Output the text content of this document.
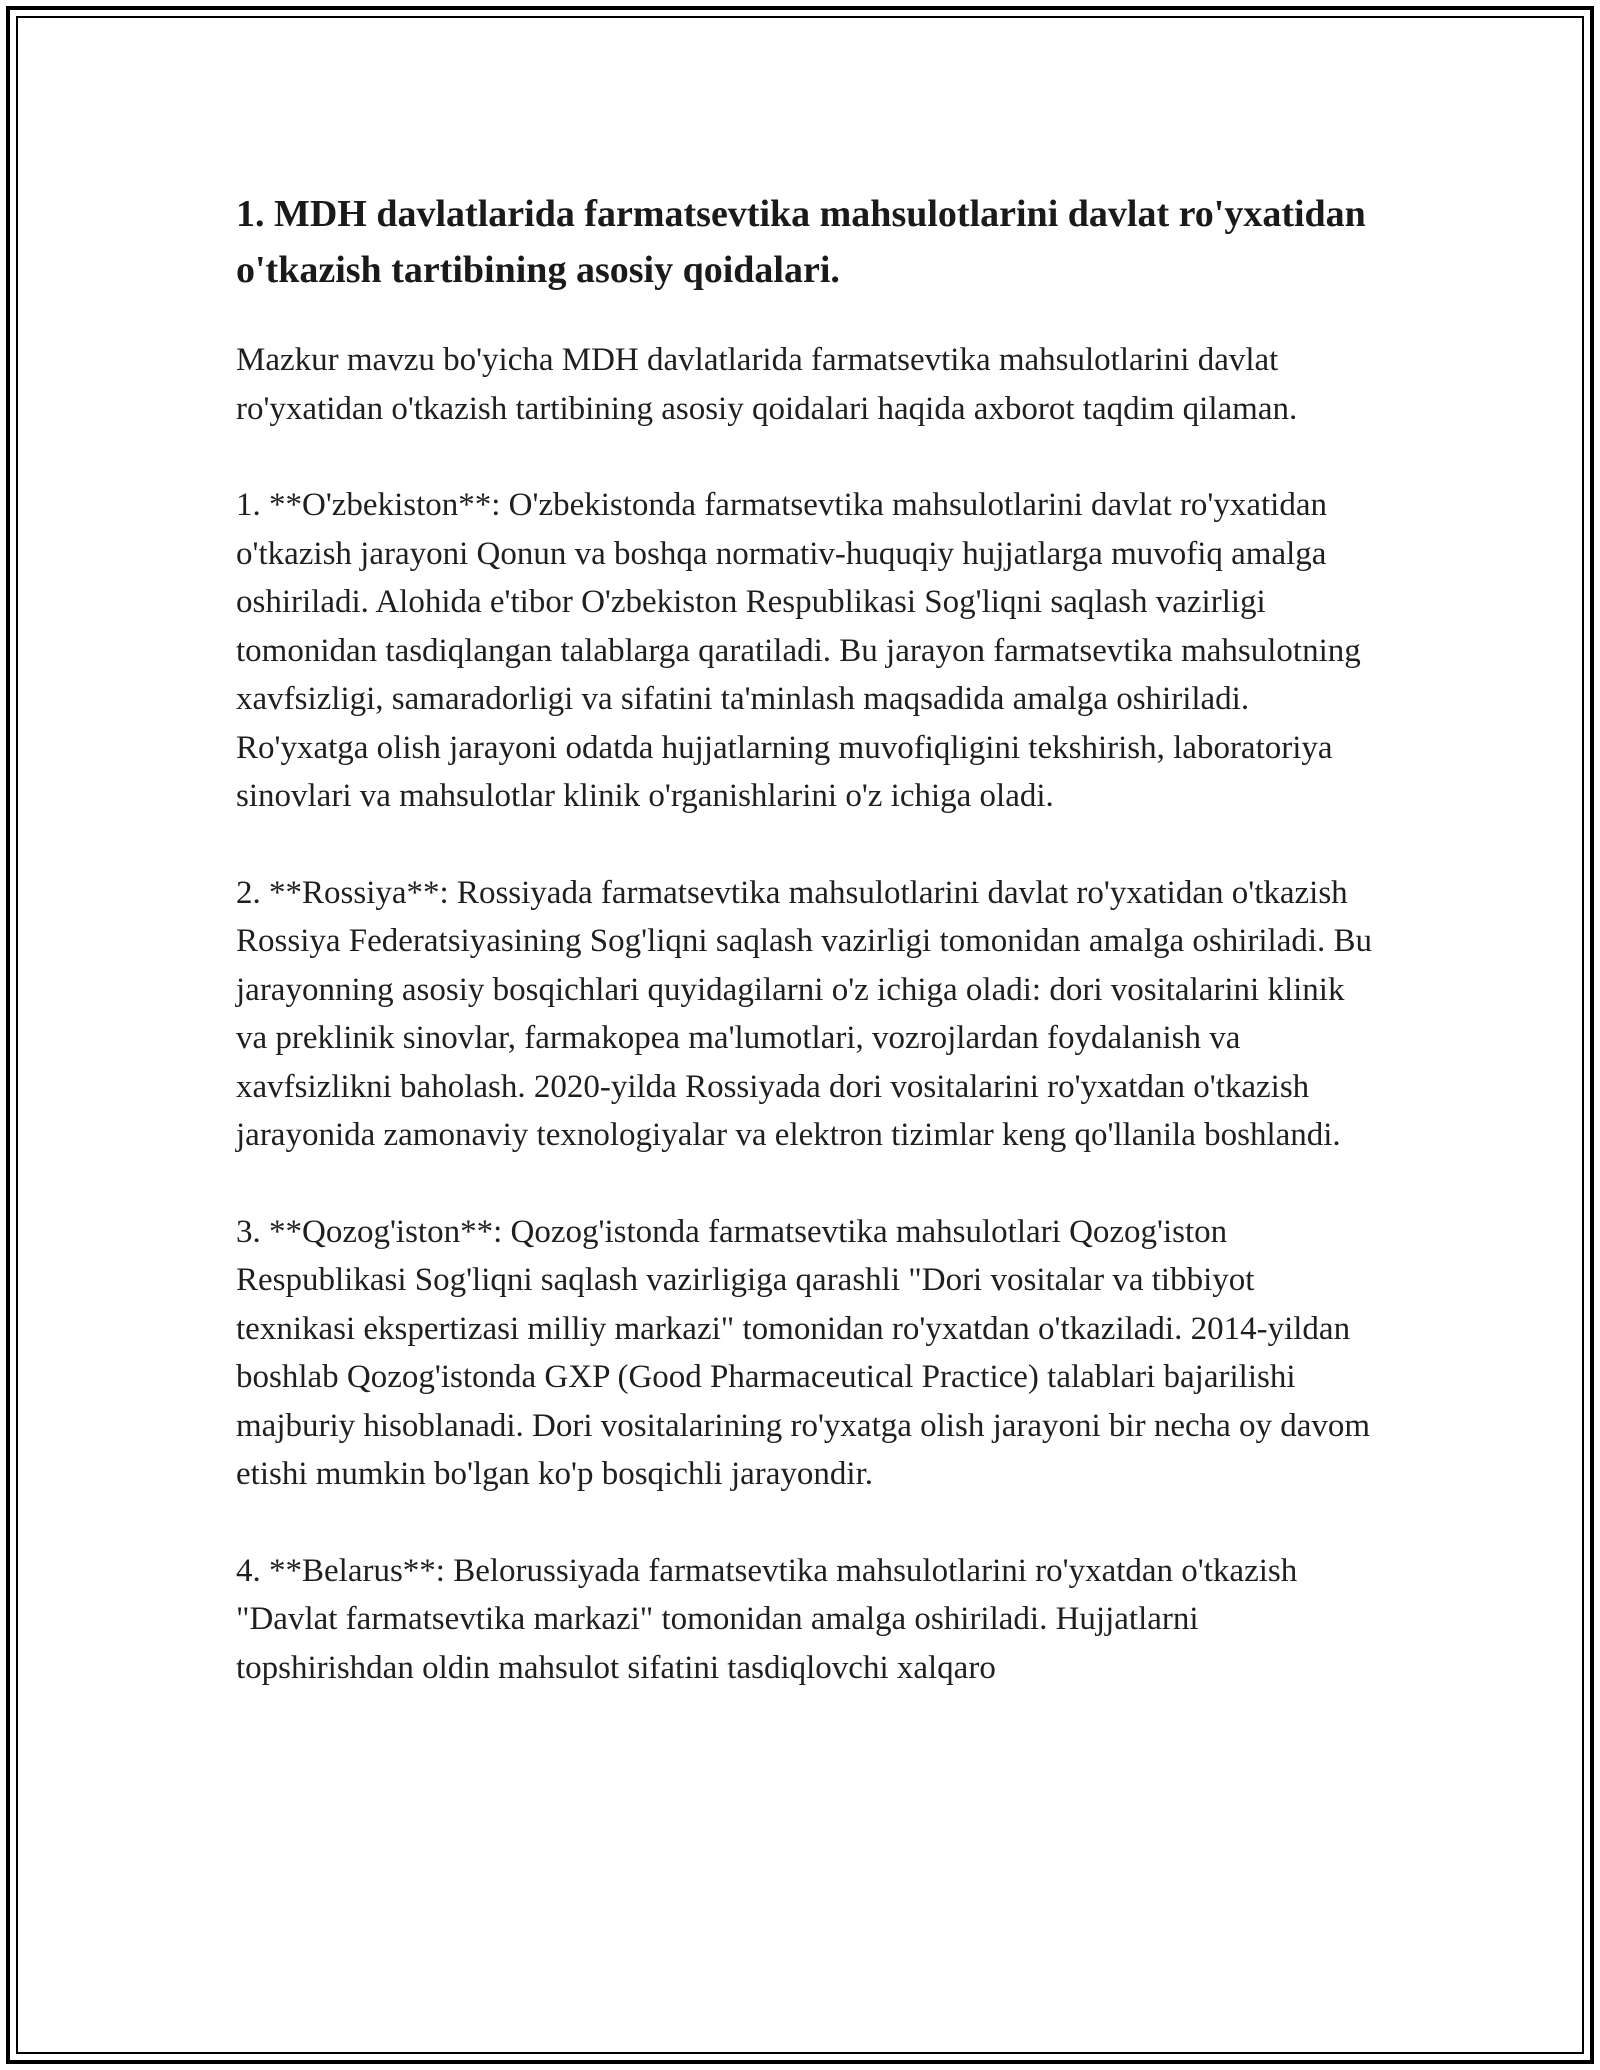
1. MDH davlatlarida farmatsevtika mahsulotlarini davlat ro'yxatidan o'tkazish tartibining asosiy qoidalari.

Mazkur mavzu bo'yicha MDH davlatlarida farmatsevtika mahsulotlarini davlat ro'yxatidan o'tkazish tartibining asosiy qoidalari haqida axborot taqdim qilaman.

1. **O'zbekiston**: O'zbekistonda farmatsevtika mahsulotlarini davlat ro'yxatidan o'tkazish jarayoni Qonun va boshqa normativ-huquqiy hujjatlarga muvofiq amalga oshiriladi. Alohida e'tibor O'zbekiston Respublikasi Sog'liqni saqlash vazirligi tomonidan tasdiqlangan talablarga qaratiladi. Bu jarayon farmatsevtika mahsulotning xavfsizligi, samaradorligi va sifatini ta'minlash maqsadida amalga oshiriladi. Ro'yxatga olish jarayoni odatda hujjatlarning muvofiqligini tekshirish, laboratoriya sinovlari va mahsulotlar klinik o'rganishlarini o'z ichiga oladi.

2. **Rossiya**: Rossiyada farmatsevtika mahsulotlarini davlat ro'yxatidan o'tkazish Rossiya Federatsiyasining Sog'liqni saqlash vazirligi tomonidan amalga oshiriladi. Bu jarayonning asosiy bosqichlari quyidagilarni o'z ichiga oladi: dori vositalarini klinik va preklinik sinovlar, farmakopea ma'lumotlari, vozrojlardan foydalanish va xavfsizlikni baholash. 2020-yilda Rossiyada dori vositalarini ro'yxatdan o'tkazish jarayonida zamonaviy texnologiyalar va elektron tizimlar keng qo'llanila boshlandi.

3. **Qozog'iston**: Qozog'istonda farmatsevtika mahsulotlari Qozog'iston Respublikasi Sog'liqni saqlash vazirligiga qarashli "Dori vositalar va tibbiyot texnikasi ekspertizasi milliy markazi" tomonidan ro'yxatdan o'tkaziladi. 2014-yildan boshlab Qozog'istonda GXP (Good Pharmaceutical Practice) talablari bajarilishi majburiy hisoblanadi. Dori vositalarining ro'yxatga olish jarayoni bir necha oy davom etishi mumkin bo'lgan ko'p bosqichli jarayondir.

4. **Belarus**: Belorussiyada farmatsevtika mahsulotlarini ro'yxatdan o'tkazish "Davlat farmatsevtika markazi" tomonidan amalga oshiriladi. Hujjatlarni topshirishdan oldin mahsulot sifatini tasdiqlovchi xalqaro
